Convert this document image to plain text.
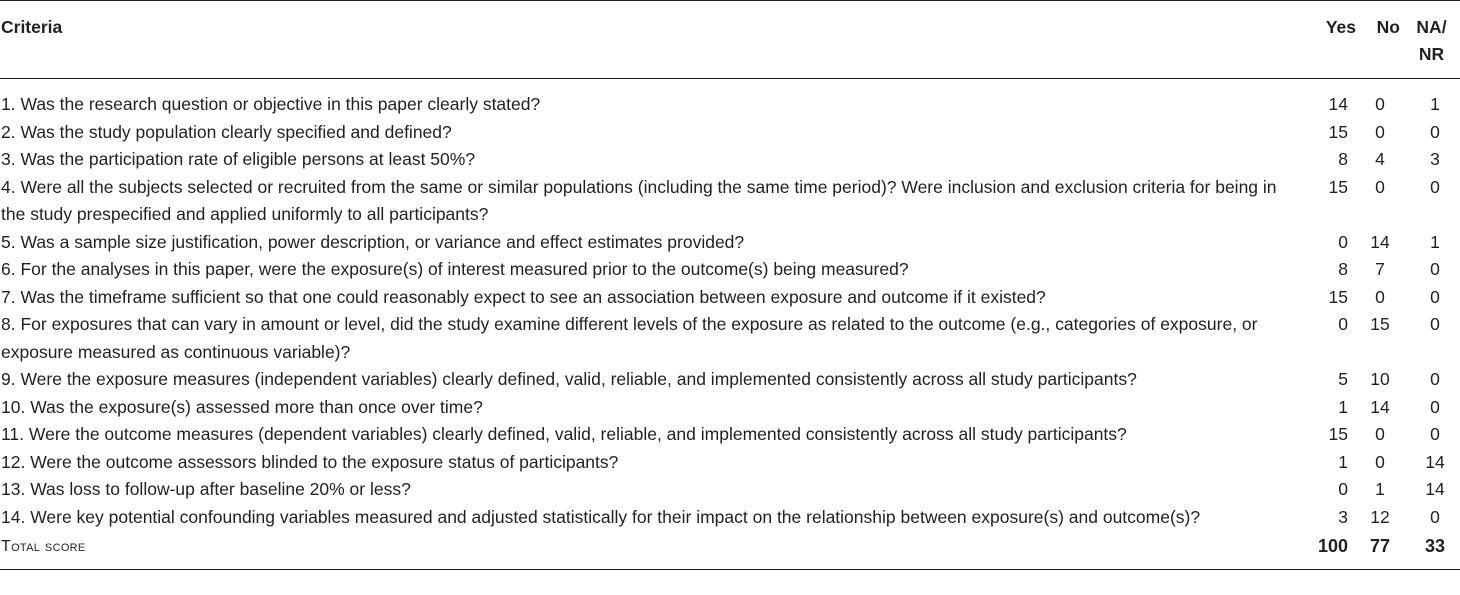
Criteria	Yes	No	NA/
NR
1. Was the research question or objective in this paper clearly stated?	14	0	1
2. Was the study population clearly specified and defined?	15	0	0
3. Was the participation rate of eligible persons at least 50%?	8	4	3
4. Were all the subjects selected or recruited from the same or similar populations (including the same time period)? Were inclusion and exclusion criteria for being in the study prespecified and applied uniformly to all participants?	15	0	0
5. Was a sample size justification, power description, or variance and effect estimates provided?	0	14	1
6. For the analyses in this paper, were the exposure(s) of interest measured prior to the outcome(s) being measured?	8	7	0
7. Was the timeframe sufficient so that one could reasonably expect to see an association between exposure and outcome if it existed?	15	0	0
8. For exposures that can vary in amount or level, did the study examine different levels of the exposure as related to the outcome (e.g., categories of exposure, or exposure measured as continuous variable)?	0	15	0
9. Were the exposure measures (independent variables) clearly defined, valid, reliable, and implemented consistently across all study participants?	5	10	0
10. Was the exposure(s) assessed more than once over time?	1	14	0
11. Were the outcome measures (dependent variables) clearly defined, valid, reliable, and implemented consistently across all study participants?	15	0	0
12. Were the outcome assessors blinded to the exposure status of participants?	1	0	14
13. Was loss to follow-up after baseline 20% or less?	0	1	14
14. Were key potential confounding variables measured and adjusted statistically for their impact on the relationship between exposure(s) and outcome(s)?	3	12	0
Total score	100	77	33
